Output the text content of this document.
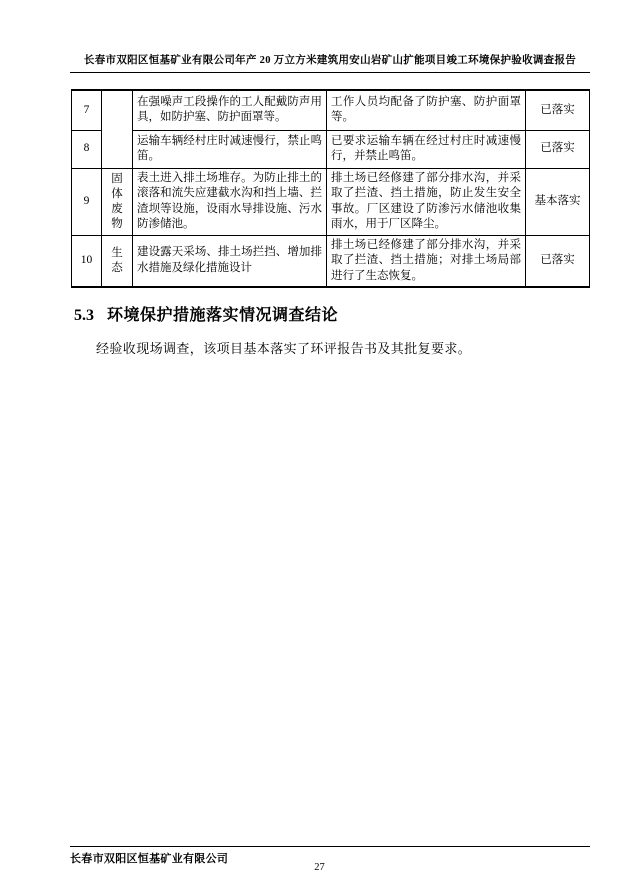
长春市双阳区恒基矿业有限公司年产 20 万立方米建筑用安山岩矿山扩能项目竣工环境保护验收调查报告
7		在强噪声工段操作的工人配戴防声用具，如防护塞、防护面罩等。	工作人员均配备了防护塞、防护面罩等。	已落实
8		运输车辆经村庄时减速慢行，禁止鸣笛。	已要求运输车辆在经过村庄时减速慢行，并禁止鸣笛。	已落实
9	固体废物	表土进入排土场堆存。为防止排土的滚落和流失应建截水沟和挡上墙、拦渣坝等设施，设雨水导排设施、污水防渗储池。	排土场已经修建了部分排水沟，并采取了拦渣、挡土措施，防止发生安全事故。厂区建设了防渗污水储池收集雨水，用于厂区降尘。	基本落实
10	生态	建设露天采场、排土场拦挡、增加排水措施及绿化措施设计	排土场已经修建了部分排水沟，并采取了拦渣、挡土措施；对排土场局部进行了生态恢复。	已落实
5.3 环境保护措施落实情况调查结论
经验收现场调查，该项目基本落实了环评报告书及其批复要求。
长春市双阳区恒基矿业有限公司
27
